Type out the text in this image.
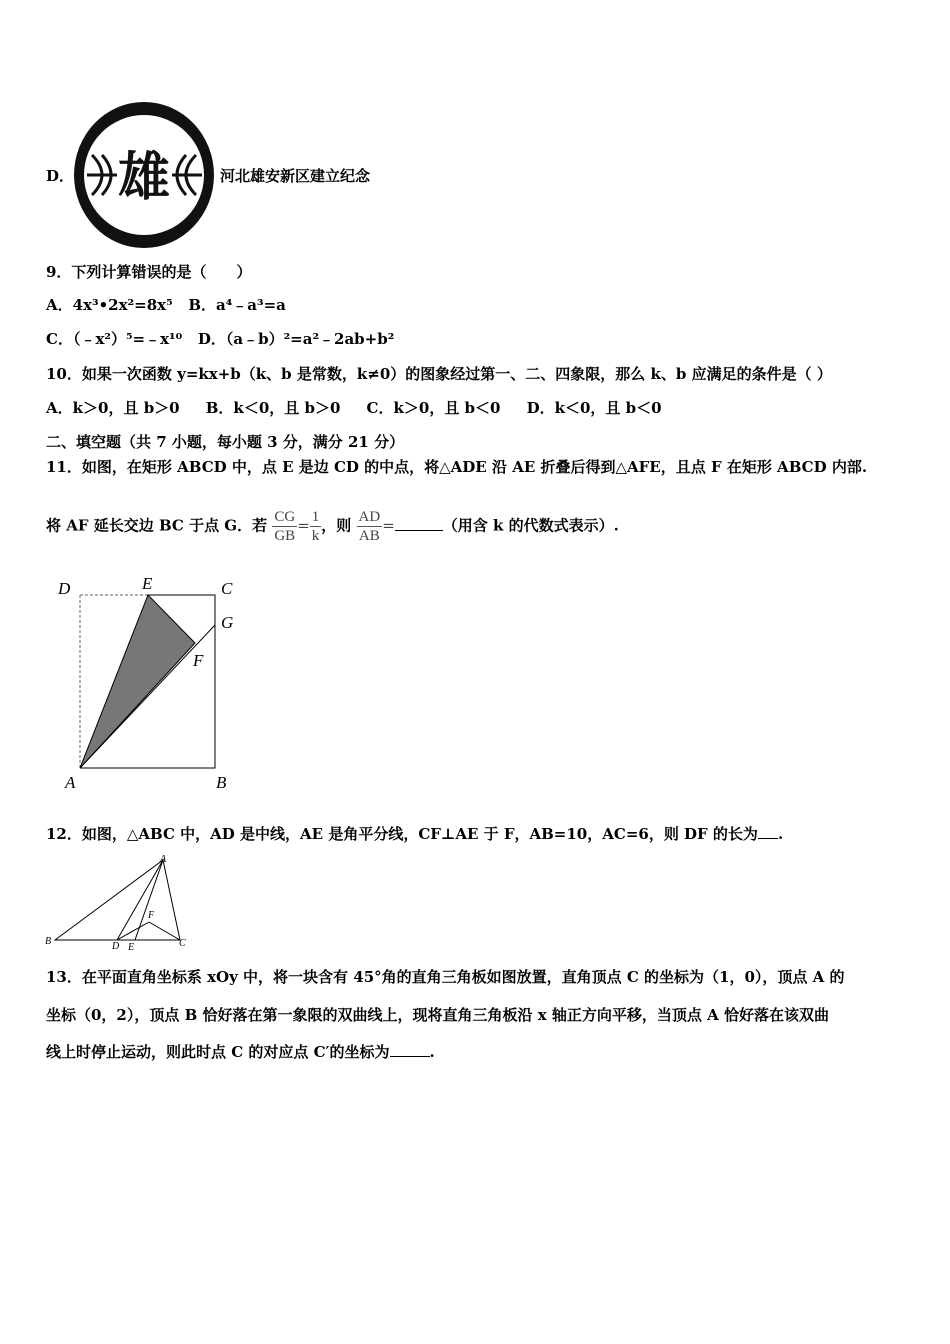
D． 雄	河北雄安新区建立纪念
9．下列计算错误的是（　　）
A．4x³•2x²=8x⁵ B．a⁴﹣a³=a
C．（﹣x²）⁵=﹣x¹⁰ D．（a﹣b）²=a²﹣2ab+b²
10．如果一次函数 y=kx+b（k、b 是常数，k≠0）的图象经过第一、二、四象限，那么 k、b 应满足的条件是（ ）
A．k＞0，且 b＞0 B．k＜0，且 b＞0 C．k＞0，且 b＜0 D．k＜0，且 b＜0
二、填空题（共 7 小题，每小题 3 分，满分 21 分）
11．如图，在矩形 ABCD 中，点 E 是边 CD 的中点，将△ADE 沿 AE 折叠后得到△AFE，且点 F 在矩形 ABCD 内部.
将 AF 延长交边 BC 于点 G．若 $\frac{CG}{GB}= \frac{1}{k}$，则 $\frac{AD}{AB}=$	（用含 k 的代数式表示）.
D	E	C
G
F
A	B
12．如图，△ABC 中，AD 是中线，AE 是角平分线，CF⊥AE 于 F，AB=10，AC=6，则 DF 的长为 .
A
B	C
D E
F
13．在平面直角坐标系 xOy 中，将一块含有 45°角的直角三角板如图放置，直角顶点 C 的坐标为（1，0），顶点 A 的
坐标（0，2），顶点 B 恰好落在第一象限的双曲线上，现将直角三角板沿 x 轴正方向平移，当顶点 A 恰好落在该双曲
线上时停止运动，则此时点 C 的对应点 C′的坐标为	.
